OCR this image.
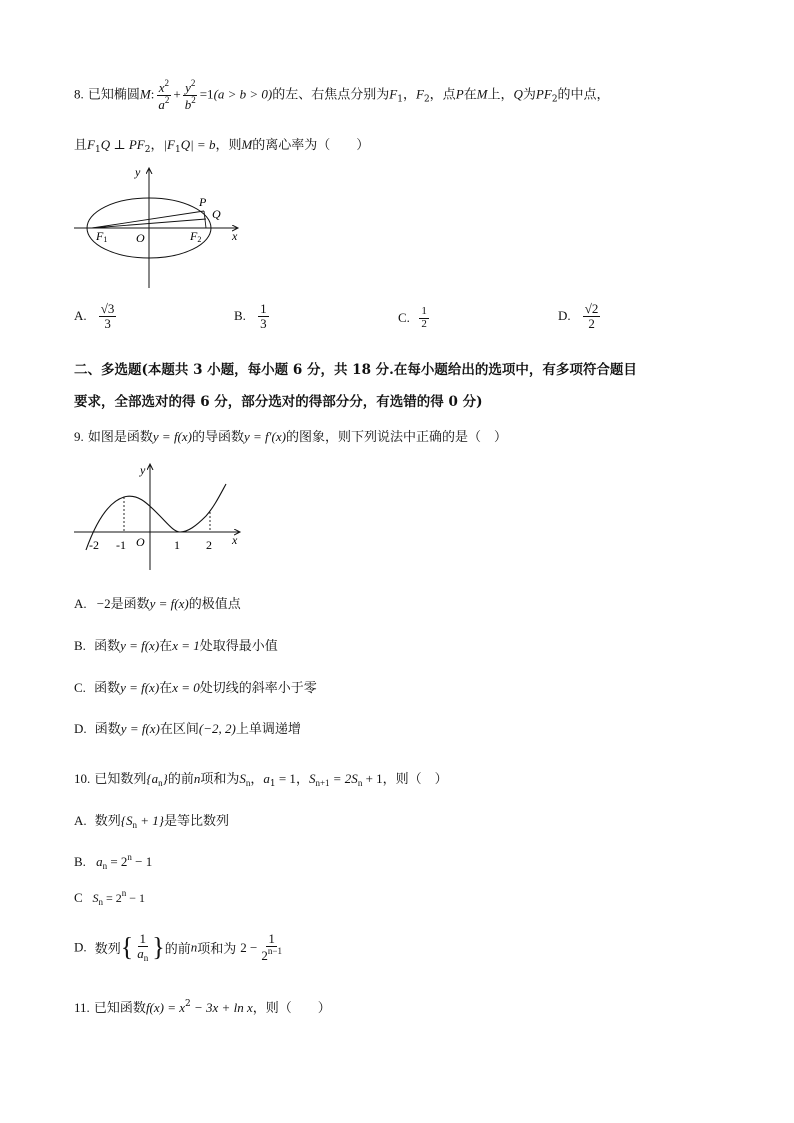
8. 已知椭圆M: $\frac{x^2}{a^2} + \frac{y^2}{b^2} =1(a > b > 0)$的左、右焦点分别为$F_1$，$F_2$，点P在M上，Q为$PF_2$的中点，
且$F_1Q$ ⊥ $PF_2$，$|F_1Q| = b$，则M的离心率为（　　）
y
x
P
Q
O
F1	F2
A. $\frac{√3}{3}$	B. $\frac{1}{3}$	C. $\frac{1}{2}$	D. $\frac{√2}{2}$
二、多选题(本题共 3 小题，每小题 6 分，共 18 分.在每小题给出的选项中，有多项符合题目
要求，全部选对的得 6 分，部分选对的得部分分，有选错的得 0 分)
9. 如图是函数y = f(x)的导函数y = f′(x)的图象，则下列说法中正确的是（　）
y
x
O
-2 -1	1 2
A. −2是函数y = f(x)的极值点
B. 函数y = f(x)在x = 1处取得最小值
C. 函数y = f(x)在x = 0处切线的斜率小于零
D. 函数y = f(x)在区间(−2, 2)上单调递增
10. 已知数列$\{a_n\}$的前n项和为$S_n$，$a_1 = 1$，$S_{n+1} = 2S_n + 1$，则（　）
A. 数列$\{S_n + 1\}$是等比数列
B. $a_n = 2^n - 1$
C $S_n = 2^n - 1$
D. 数列{ $\frac{1}{a_n}$ }的前n项和为 $2 - \frac{1}{2^{n-1}}$
11. 已知函数$f(x) = x^2 - 3x + \ln x$，则（　　）
